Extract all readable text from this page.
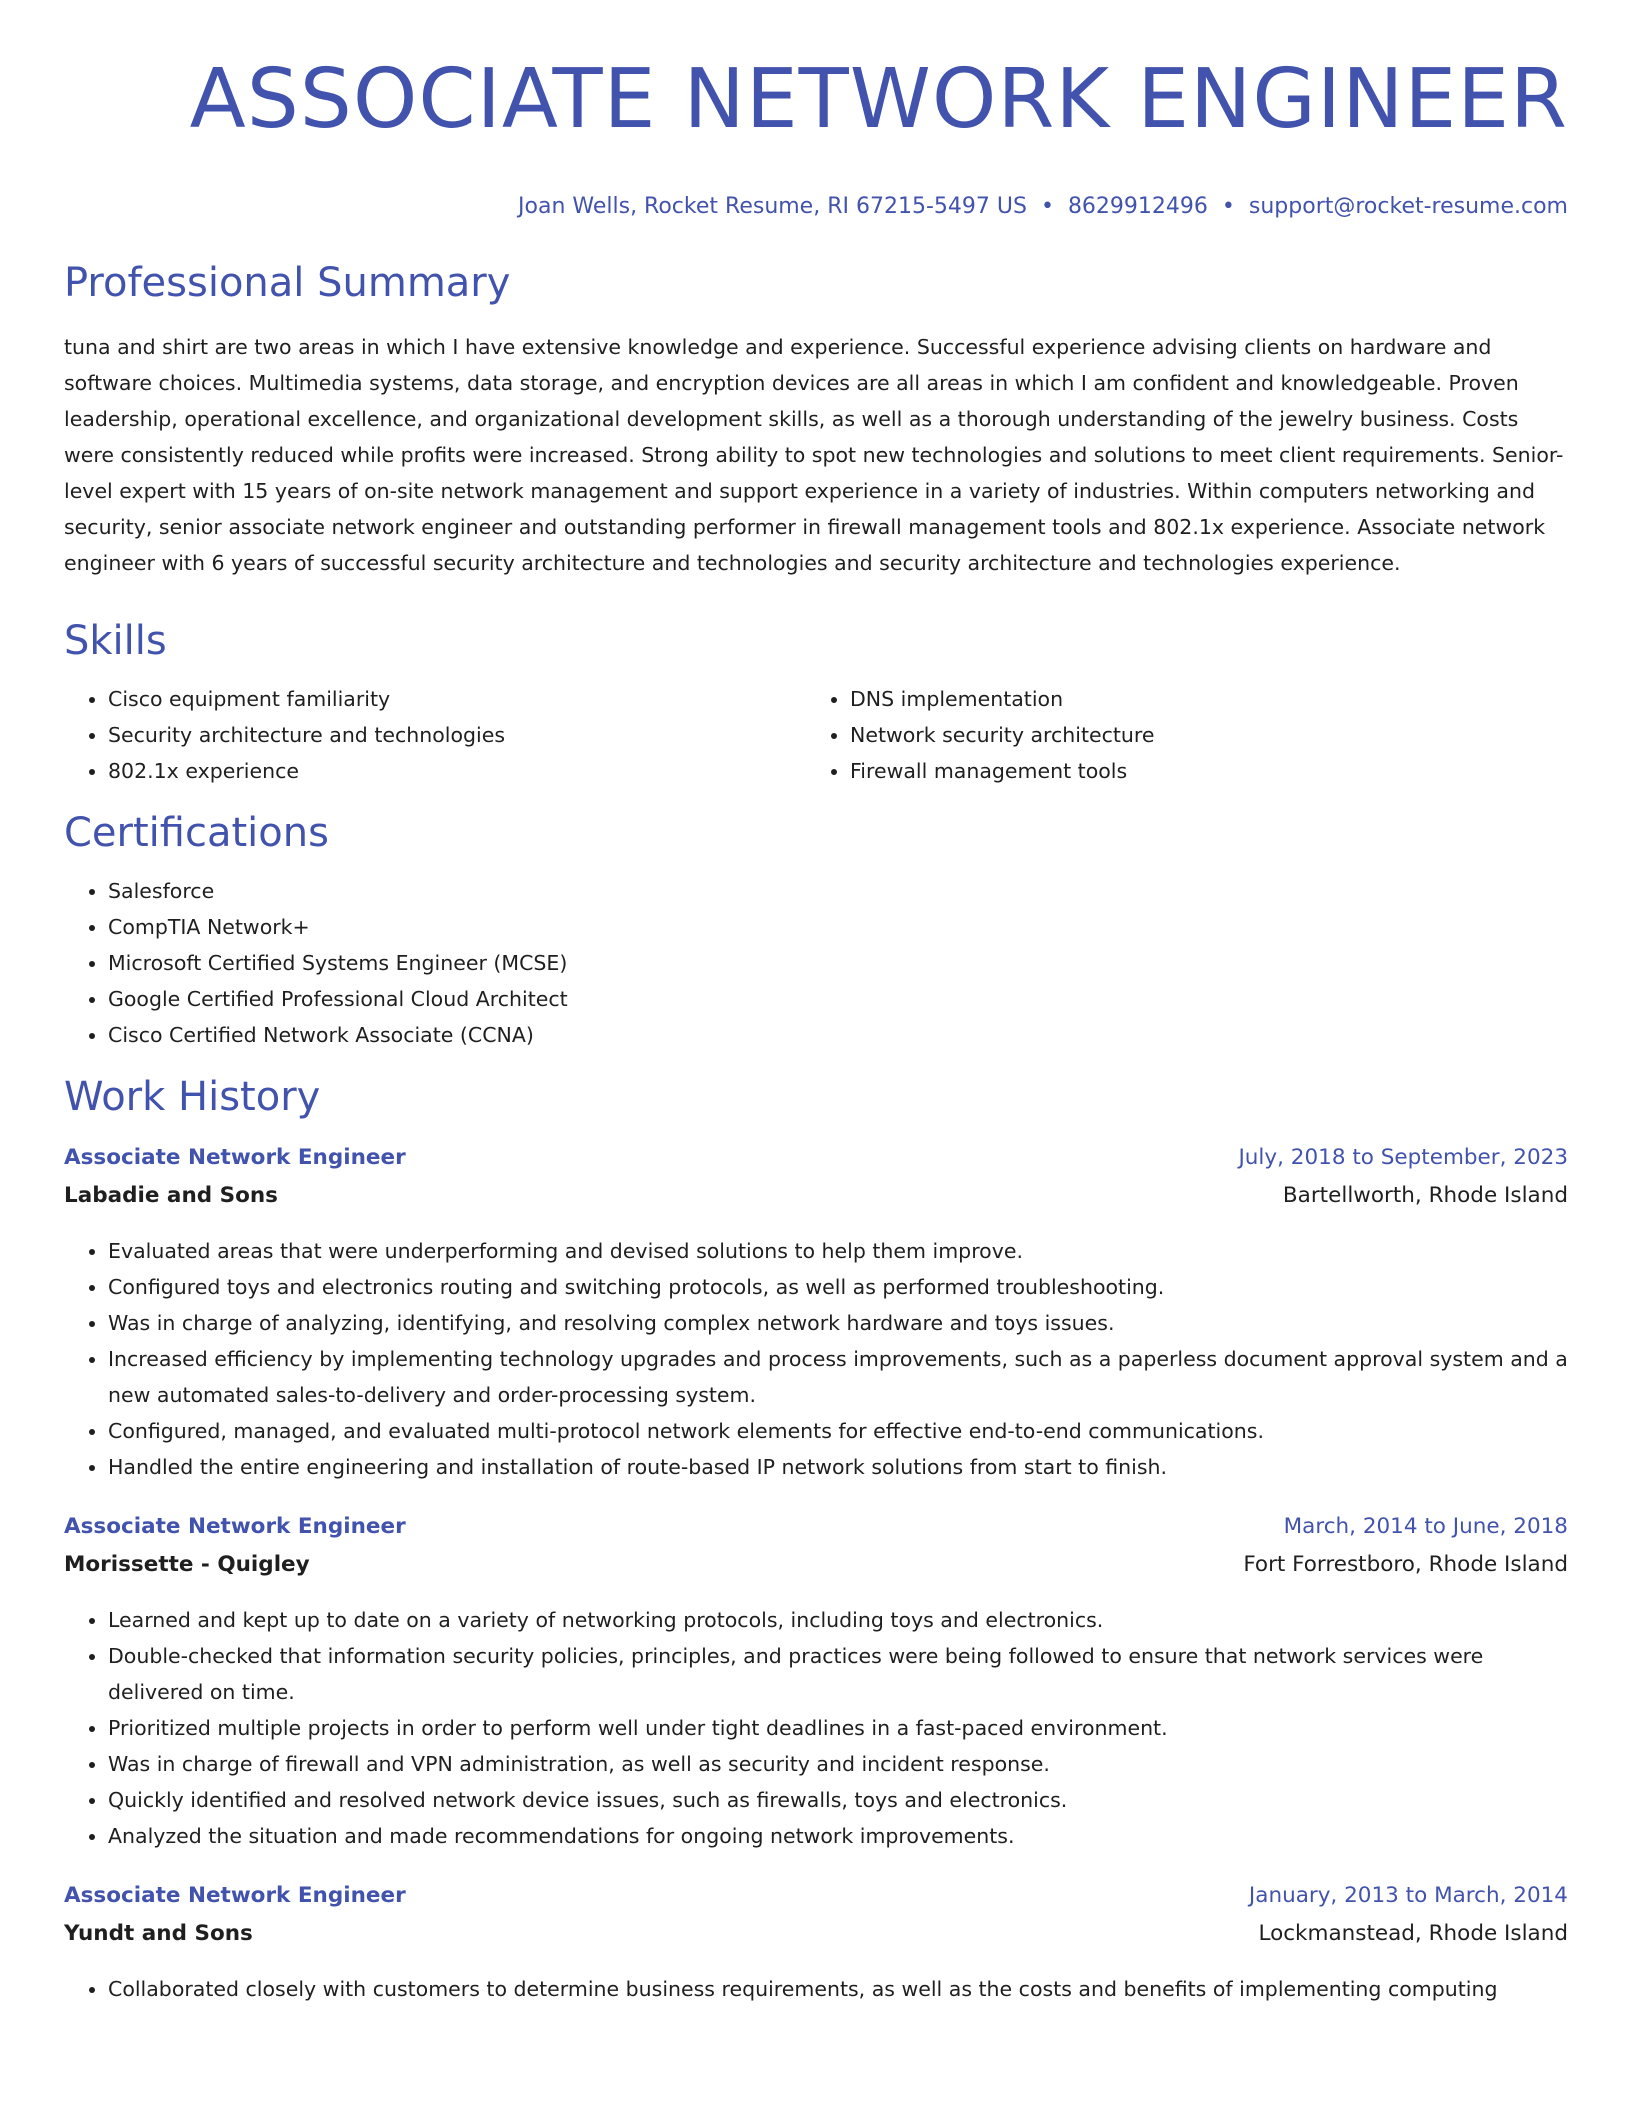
ASSOCIATE NETWORK ENGINEER
Joan Wells, Rocket Resume, RI 67215-5497 US • 8629912496 • support@rocket-resume.com
Professional Summary
tuna and shirt are two areas in which I have extensive knowledge and experience. Successful experience advising clients on hardware and software choices. Multimedia systems, data storage, and encryption devices are all areas in which I am confident and knowledgeable. Proven leadership, operational excellence, and organizational development skills, as well as a thorough understanding of the jewelry business. Costs were consistently reduced while profits were increased. Strong ability to spot new technologies and solutions to meet client requirements. Senior-level expert with 15 years of on-site network management and support experience in a variety of industries. Within computers networking and security, senior associate network engineer and outstanding performer in firewall management tools and 802.1x experience. Associate network engineer with 6 years of successful security architecture and technologies and security architecture and technologies experience.
Skills
• Cisco equipment familiarity
• Security architecture and technologies
• 802.1x experience
• DNS implementation
• Network security architecture
• Firewall management tools
Certifications
• Salesforce
• CompTIA Network+
• Microsoft Certified Systems Engineer (MCSE)
• Google Certified Professional Cloud Architect
• Cisco Certified Network Associate (CCNA)
Work History
Associate Network Engineer	July, 2018 to September, 2023
Labadie and Sons	Bartellworth, Rhode Island
• Evaluated areas that were underperforming and devised solutions to help them improve.
• Configured toys and electronics routing and switching protocols, as well as performed troubleshooting.
• Was in charge of analyzing, identifying, and resolving complex network hardware and toys issues.
• Increased efficiency by implementing technology upgrades and process improvements, such as a paperless document approval system and a new automated sales-to-delivery and order-processing system.
• Configured, managed, and evaluated multi-protocol network elements for effective end-to-end communications.
• Handled the entire engineering and installation of route-based IP network solutions from start to finish.
Associate Network Engineer	March, 2014 to June, 2018
Morissette - Quigley	Fort Forrestboro, Rhode Island
• Learned and kept up to date on a variety of networking protocols, including toys and electronics.
• Double-checked that information security policies, principles, and practices were being followed to ensure that network services were delivered on time.
• Prioritized multiple projects in order to perform well under tight deadlines in a fast-paced environment.
• Was in charge of firewall and VPN administration, as well as security and incident response.
• Quickly identified and resolved network device issues, such as firewalls, toys and electronics.
• Analyzed the situation and made recommendations for ongoing network improvements.
Associate Network Engineer	January, 2013 to March, 2014
Yundt and Sons	Lockmanstead, Rhode Island
• Collaborated closely with customers to determine business requirements, as well as the costs and benefits of implementing computing
